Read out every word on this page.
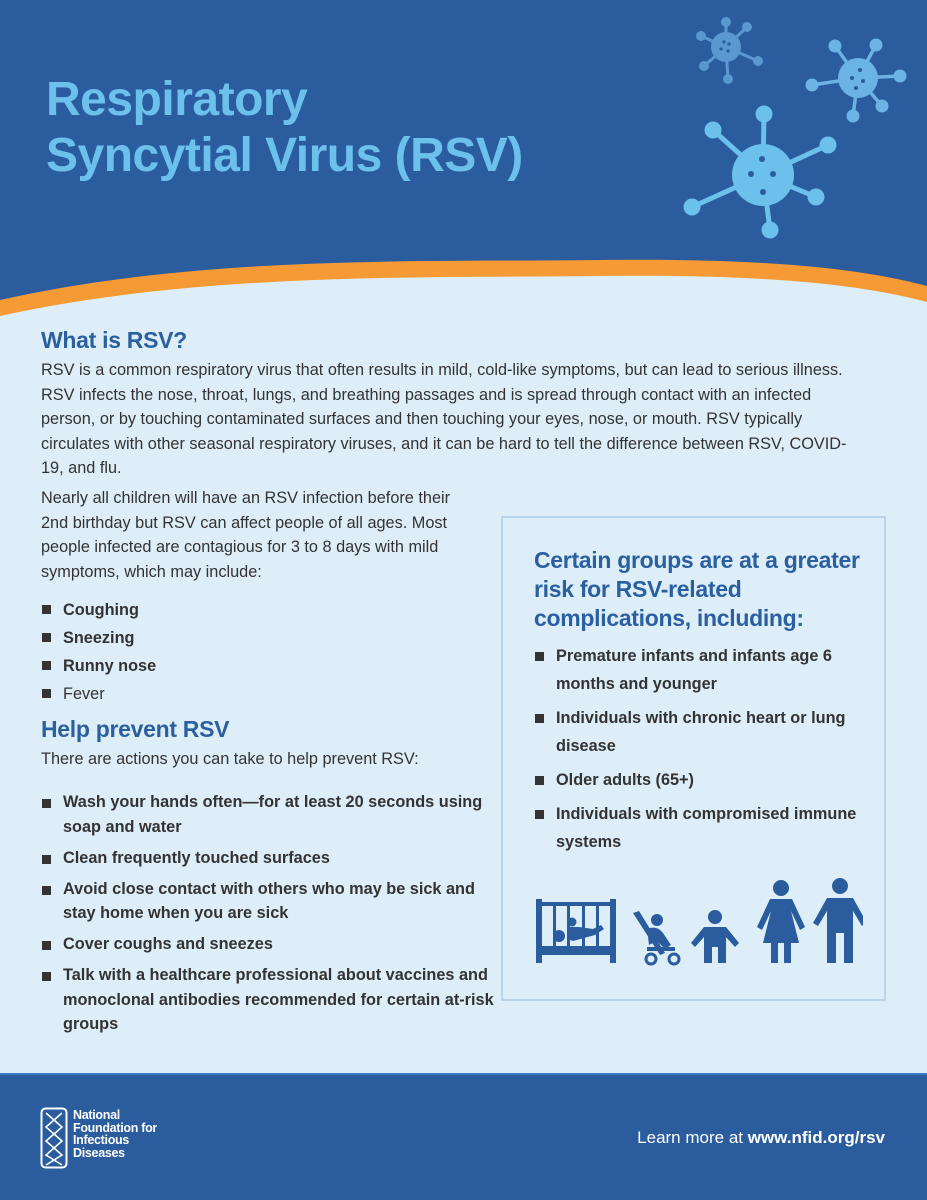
Respiratory
Syncytial Virus (RSV)
What is RSV?

RSV is a common respiratory virus that often results in mild, cold-like symptoms, but can lead to serious illness. RSV infects the nose, throat, lungs, and breathing passages and is spread through contact with an infected person, or by touching contaminated surfaces and then touching your eyes, nose, or mouth. RSV typically circulates with other seasonal respiratory viruses, and it can be hard to tell the difference between RSV, COVID-19, and flu.

Nearly all children will have an RSV infection before their 2nd birthday but RSV can affect people of all ages. Most people infected are contagious for 3 to 8 days with mild symptoms, which may include:

Coughing
Sneezing
Runny nose
Fever
Help prevent RSV

There are actions you can take to help prevent RSV:

Wash your hands often—for at least 20 seconds using soap and water
Clean frequently touched surfaces
Avoid close contact with others who may be sick and stay home when you are sick
Cover coughs and sneezes
Talk with a healthcare professional about vaccines and monoclonal antibodies recommended for certain at-risk groups
Certain groups are at a greater risk for RSV-related complications, including:
Premature infants and infants age 6 months and younger
Individuals with chronic heart or lung disease
Older adults (65+)
Individuals with compromised immune systems
National
Foundation for
Infectious
Diseases
Learn more at www.nfid.org/rsv
